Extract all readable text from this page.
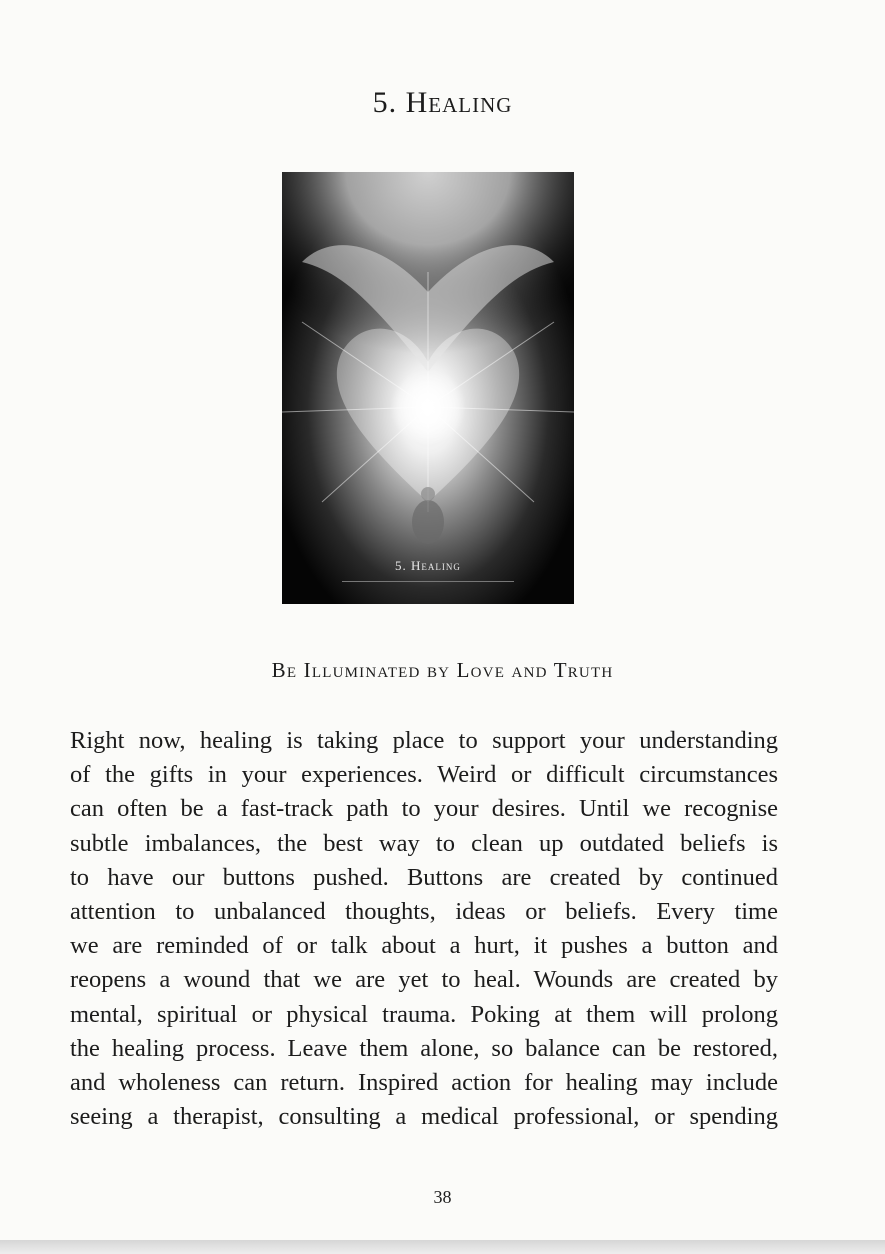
5. Healing
5. Healing
Be Illuminated by Love and Truth
Right now, healing is taking place to support your understanding
of the gifts in your experiences. Weird or difficult circumstances
can often be a fast-track path to your desires. Until we recognise
subtle imbalances, the best way to clean up outdated beliefs is
to have our buttons pushed. Buttons are created by continued
attention to unbalanced thoughts, ideas or beliefs. Every time
we are reminded of or talk about a hurt, it pushes a button and
reopens a wound that we are yet to heal. Wounds are created by
mental, spiritual or physical trauma. Poking at them will prolong
the healing process. Leave them alone, so balance can be restored,
and wholeness can return. Inspired action for healing may include
seeing a therapist, consulting a medical professional, or spending
38
